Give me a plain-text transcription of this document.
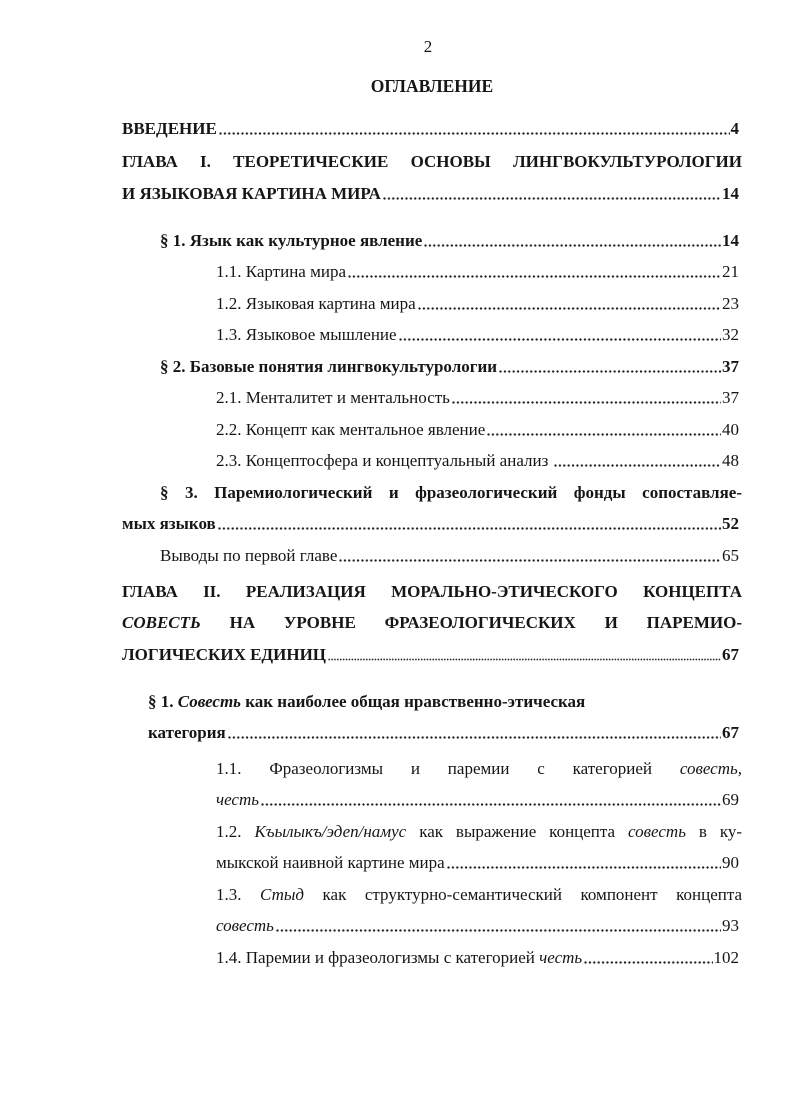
2
ОГЛАВЛЕНИЕ
ВВЕДЕНИЕ	4
ГЛАВА I. ТЕОРЕТИЧЕСКИЕ ОСНОВЫ ЛИНГВОКУЛЬТУРОЛОГИИ
И ЯЗЫКОВАЯ КАРТИНА МИРА	14
§ 1. Язык как культурное явление	14
1.1. Картина мира	21
1.2. Языковая картина мира	23
1.3. Языковое мышление	32
§ 2. Базовые понятия лингвокультурологии	37
2.1. Менталитет и ментальность	37
2.2. Концепт как ментальное явление	40
2.3. Концептосфера и концептуальный анализ	48
§ 3. Паремиологический и фразеологический фонды сопоставляе-
мых языков	52
Выводы по первой главе	65
ГЛАВА II. РЕАЛИЗАЦИЯ МОРАЛЬНО-ЭТИЧЕСКОГО КОНЦЕПТА
СОВЕСТЬ НА УРОВНЕ ФРАЗЕОЛОГИЧЕСКИХ И ПАРЕМИО-
ЛОГИЧЕСКИХ ЕДИНИЦ	67
§ 1. Совесть как наиболее общая нравственно-этическая
категория	67
1.1. Фразеологизмы и паремии с категорией совесть,
честь	69
1.2. Къылыкъ/эдеп/намус как выражение концепта совесть в ку-
мыкской наивной картине мира	90
1.3. Стыд как структурно-семантический компонент концепта
совесть	93
1.4. Паремии и фразеологизмы с категорией честь	102
